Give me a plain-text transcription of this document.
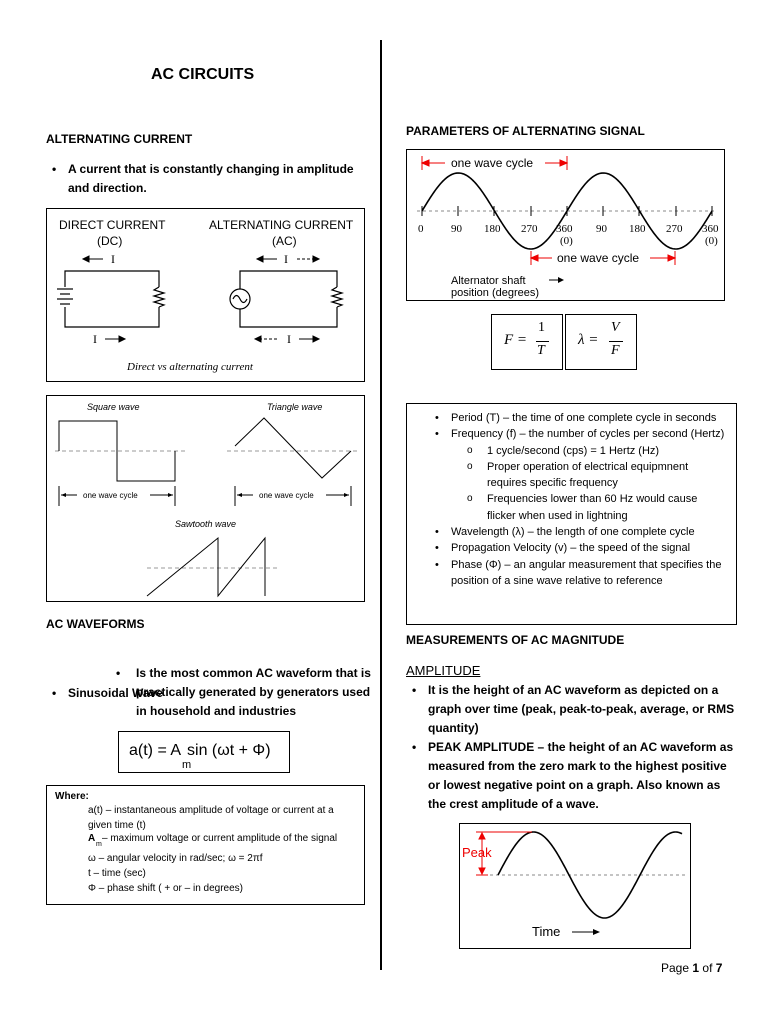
AC CIRCUITS
ALTERNATING CURRENT
• A current that is constantly changing in amplitude and direction.
DIRECT CURRENT
(DC)
ALTERNATING CURRENT
(AC)
I
I
I
I
Direct vs alternating current
Square wave	Triangle wave
one wave cycle	one wave cycle
Sawtooth wave
AC WAVEFORMS
• Sinusoidal Wave
• Is the most common AC waveform that is practically generated by generators used in household and industries
a(t) = A sin (ωt + Φ)
m
Where:
a(t) – instantaneous amplitude of voltage or current at a given time (t)
A
m
– maximum voltage or current amplitude of the signal
ω – angular velocity in rad/sec; ω = 2πf
t – time (sec)
Φ – phase shift ( + or – in degrees)
PARAMETERS OF ALTERNATING SIGNAL
one wave cycle
0	90 180 270 360 90 180 270 360
(0)	(0)
one wave cycle
Alternator shaft
position (degrees)
F =
1
T
λ =
V
F
• Period (T) – the time of one complete cycle in seconds
• Frequency (f) – the number of cycles per second (Hertz)
o 1 cycle/second (cps) = 1 Hertz (Hz)
o Proper operation of electrical equipmnent requires specific frequency
o Frequencies lower than 60 Hz would cause flicker when used in lightning
• Wavelength (λ) – the length of one complete cycle
• Propagation Velocity (v) – the speed of the signal
• Phase (Φ) – an angular measurement that specifies the position of a sine wave relative to reference
MEASUREMENTS OF AC MAGNITUDE
AMPLITUDE
• It is the height of an AC waveform as depicted on a graph over time (peak, peak-to-peak, average, or RMS quantity)
• PEAK AMPLITUDE – the height of an AC waveform as measured from the zero mark to the highest positive or lowest negative point on a graph. Also known as the crest amplitude of a wave.
Peak
Time
Page 1 of 7
